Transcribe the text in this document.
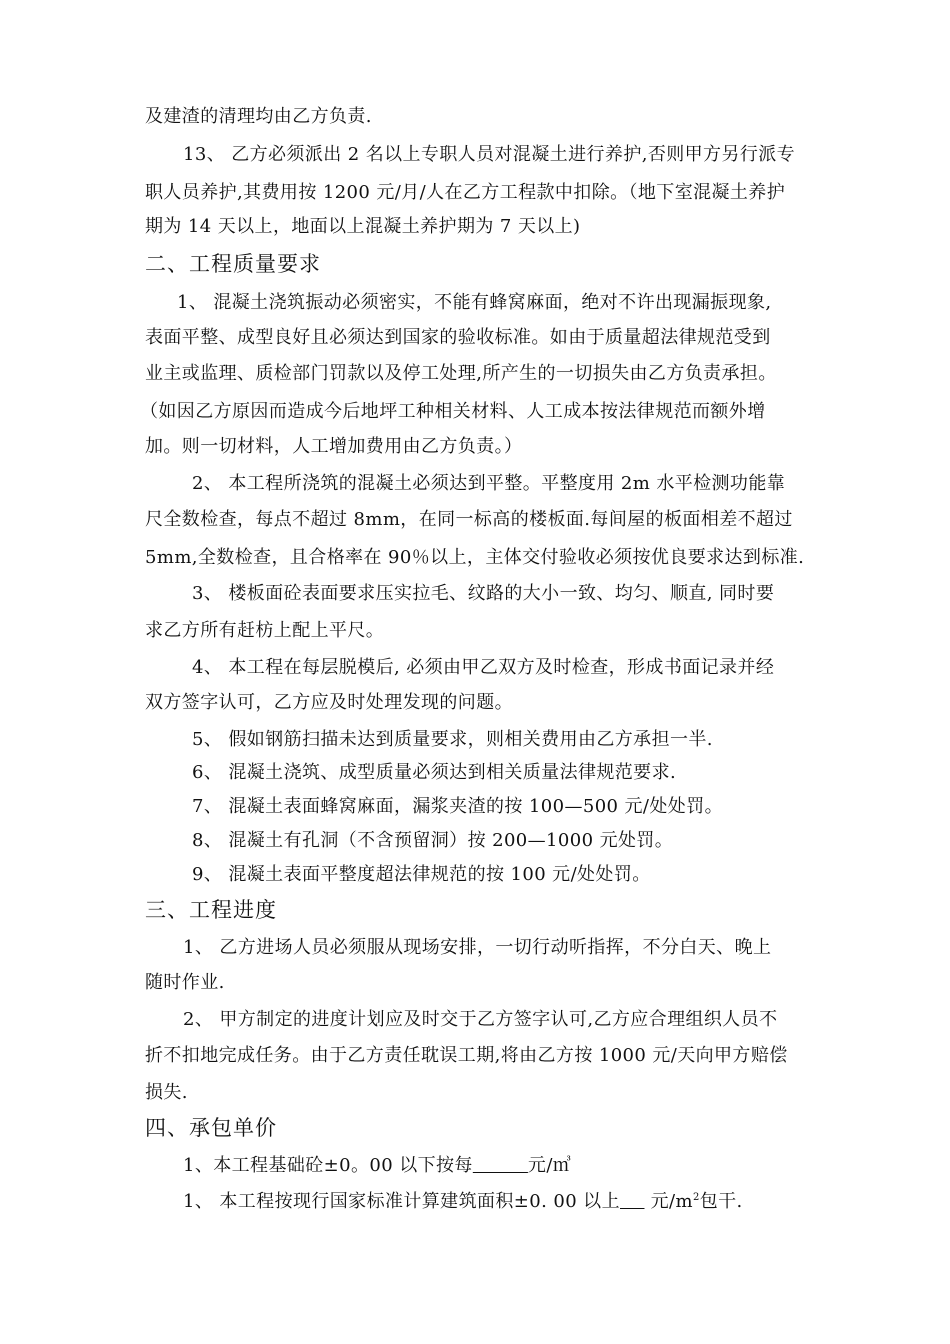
及建渣的清理均由乙方负责.
13、 乙方必须派出 2 名以上专职人员对混凝土进行养护,否则甲方另行派专
职人员养护,其费用按 1200 元/月/人在乙方工程款中扣除。（地下室混凝土养护
期为 14 天以上，地面以上混凝土养护期为 7 天以上)
二、工程质量要求
1、 混凝土浇筑振动必须密实，不能有蜂窝麻面，绝对不许出现漏振现象,
表面平整、成型良好且必须达到国家的验收标准。如由于质量超法律规范受到
业主或监理、质检部门罚款以及停工处理,所产生的一切损失由乙方负责承担。
（如因乙方原因而造成今后地坪工种相关材料、人工成本按法律规范而额外增
加。则一切材料，人工增加费用由乙方负责。）
2、 本工程所浇筑的混凝土必须达到平整。平整度用 2m 水平检测功能靠
尺全数检查，每点不超过 8mm，在同一标高的楼板面.每间屋的板面相差不超过
5mm,全数检查，且合格率在 90％以上，主体交付验收必须按优良要求达到标准.
3、 楼板面砼表面要求压实拉毛、纹路的大小一致、均匀、顺直, 同时要
求乙方所有赶枋上配上平尺。
4、 本工程在每层脱模后, 必须由甲乙双方及时检查，形成书面记录并经
双方签字认可，乙方应及时处理发现的问题。
5、 假如钢筋扫描未达到质量要求，则相关费用由乙方承担一半.
6、 混凝土浇筑、成型质量必须达到相关质量法律规范要求.
7、 混凝土表面蜂窝麻面，漏浆夹渣的按 100—500 元/处处罚。
8、 混凝土有孔洞（不含预留洞）按 200—1000 元处罚。
9、 混凝土表面平整度超法律规范的按 100 元/处处罚。
三、工程进度
1、 乙方进场人员必须服从现场安排，一切行动听指挥，不分白天、晚上
随时作业.
2、 甲方制定的进度计划应及时交于乙方签字认可,乙方应合理组织人员不
折不扣地完成任务。由于乙方责任耽误工期,将由乙方按 1000 元/天向甲方赔偿
损失.
四、承包单价
1、本工程基础砼±0。00 以下按每	元/㎥
1、 本工程按现行国家标准计算建筑面积±0. 00 以上     元$/m^2$包干.
